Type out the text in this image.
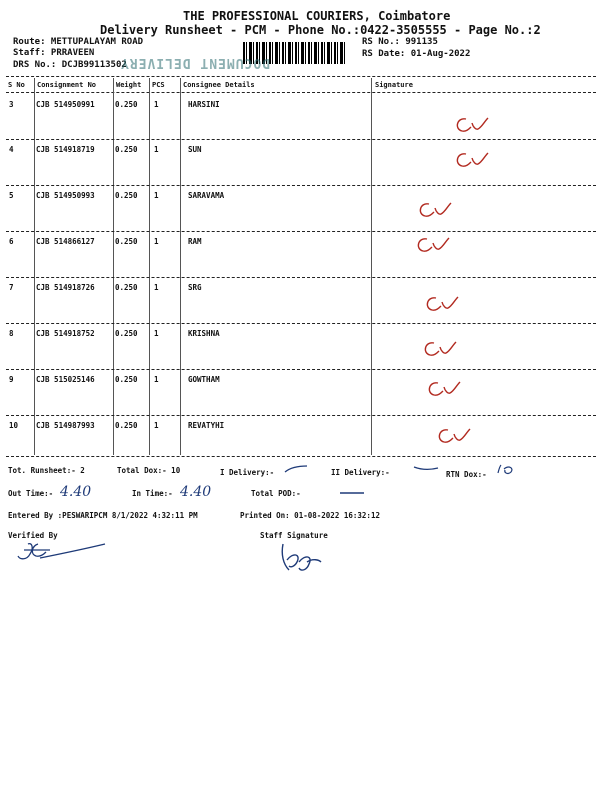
THE PROFESSIONAL COURIERS, Coimbatore
Delivery Runsheet - PCM - Phone No.:0422-3505555 - Page No.:2
Route: METTUPALAYAM ROAD
Staff: PRRAVEEN
DRS No.: DCJB99113502
RS No.: 991135
RS Date: 01-Aug-2022
DOCUMENT DELIVERY
S No Consignment No	Weight PCS	Consignee Details	Signature
3	CJB 514950991	0.250 1	HARSINI
4	CJB 514918719	0.250 1	SUN
5	CJB 514950993	0.250 1	SARAVAMA
6	CJB 514866127	0.250 1	RAM
7	CJB 514918726	0.250 1	SRG
8	CJB 514918752	0.250 1	KRISHNA
9	CJB 515025146	0.250 1	GOWTHAM
10 CJB 514987993	0.250 1	REVATYHI
Tot. Runsheet:- 2	Total Dox:- 10	I Delivery:-	II Delivery:-	RTN Dox:-
Out Time:- 4.40	In Time:- 4.40	Total POD:-
Entered By :PESWARIPCM 8/1/2022 4:32:11 PM	Printed On: 01-08-2022 16:32:12
Verified By	Staff Signature
